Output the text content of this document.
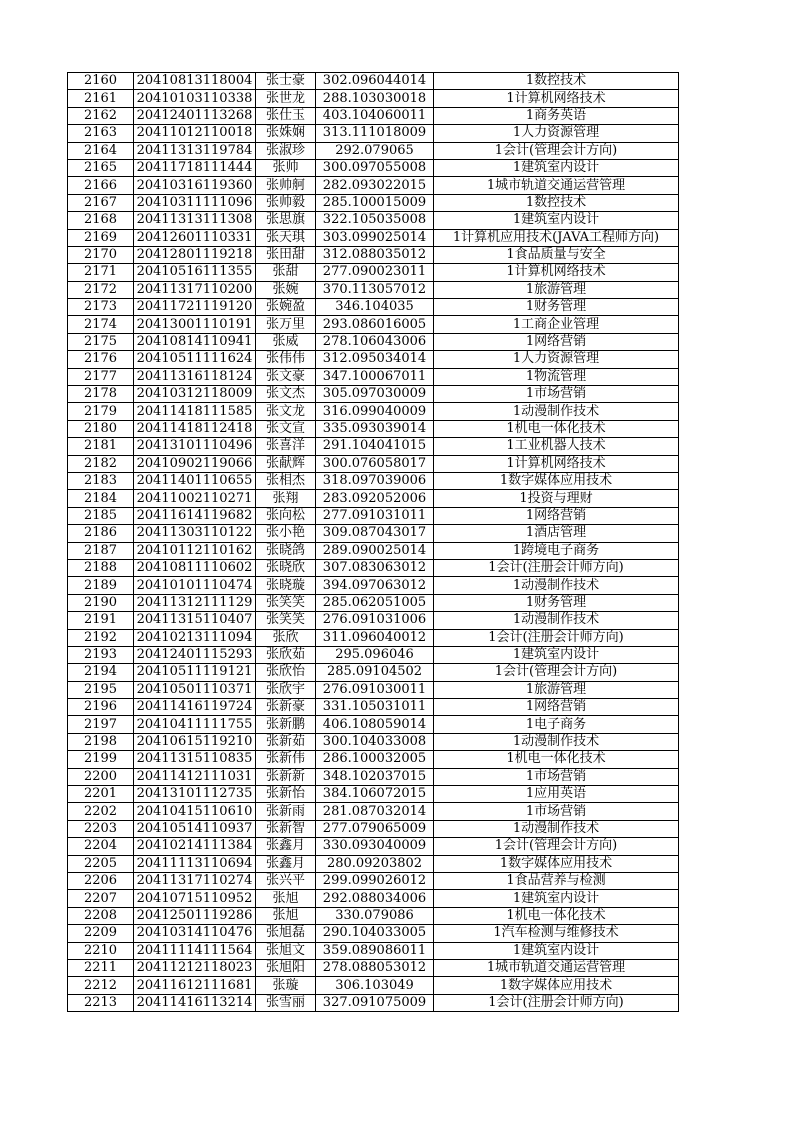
2160	20410813118004	张士豪	302.096044014	1数控技术
2161	20410103110338	张世龙	288.103030018	1计算机网络技术
2162	20412401113268	张仕玉	403.104060011	1商务英语
2163	20411012110018	张姝娴	313.111018009	1人力资源管理
2164	20411313119784	张淑珍	292.079065	1会计(管理会计方向)
2165	20411718111444	张帅	300.097055008	1建筑室内设计
2166	20410316119360	张帅舸	282.093022015	1城市轨道交通运营管理
2167	20410311111096	张帅毅	285.100015009	1数控技术
2168	20411313111308	张思旗	322.105035008	1建筑室内设计
2169	20412601110331	张天琪	303.099025014	1计算机应用技术(JAVA工程师方向)
2170	20412801119218	张田甜	312.088035012	1食品质量与安全
2171	20410516111355	张甜	277.090023011	1计算机网络技术
2172	20411317110200	张婉	370.113057012	1旅游管理
2173	20411721119120	张婉盈	346.104035	1财务管理
2174	20413001110191	张万里	293.086016005	1工商企业管理
2175	20410814110941	张威	278.106043006	1网络营销
2176	20410511111624	张伟伟	312.095034014	1人力资源管理
2177	20411316118124	张文豪	347.100067011	1物流管理
2178	20410312118009	张文杰	305.097030009	1市场营销
2179	20411418111585	张文龙	316.099040009	1动漫制作技术
2180	20411418112418	张文宣	335.093039014	1机电一体化技术
2181	20413101110496	张喜洋	291.104041015	1工业机器人技术
2182	20410902119066	张献辉	300.076058017	1计算机网络技术
2183	20411401110655	张相杰	318.097039006	1数字媒体应用技术
2184	20411002110271	张翔	283.092052006	1投资与理财
2185	20411614119682	张向松	277.091031011	1网络营销
2186	20411303110122	张小艳	309.087043017	1酒店管理
2187	20410112110162	张晓鸽	289.090025014	1跨境电子商务
2188	20410811110602	张晓欣	307.083063012	1会计(注册会计师方向)
2189	20410101110474	张晓璇	394.097063012	1动漫制作技术
2190	20411312111129	张笑笑	285.062051005	1财务管理
2191	20411315110407	张笑笑	276.091031006	1动漫制作技术
2192	20410213111094	张欣	311.096040012	1会计(注册会计师方向)
2193	20412401115293	张欣茹	295.096046	1建筑室内设计
2194	20410511119121	张欣怡	285.09104502	1会计(管理会计方向)
2195	20410501110371	张欣宇	276.091030011	1旅游管理
2196	20411416119724	张新豪	331.105031011	1网络营销
2197	20410411111755	张新鹏	406.108059014	1电子商务
2198	20410615119210	张新茹	300.104033008	1动漫制作技术
2199	20411315110835	张新伟	286.100032005	1机电一体化技术
2200	20411412111031	张新新	348.102037015	1市场营销
2201	20413101112735	张新怡	384.106072015	1应用英语
2202	20410415110610	张新雨	281.087032014	1市场营销
2203	20410514110937	张新智	277.079065009	1动漫制作技术
2204	20410214111384	张鑫月	330.093040009	1会计(管理会计方向)
2205	20411113110694	张鑫月	280.09203802	1数字媒体应用技术
2206	20411317110274	张兴平	299.099026012	1食品营养与检测
2207	20410715110952	张旭	292.088034006	1建筑室内设计
2208	20412501119286	张旭	330.079086	1机电一体化技术
2209	20410314110476	张旭磊	290.104033005	1汽车检测与维修技术
2210	20411114111564	张旭文	359.089086011	1建筑室内设计
2211	20411212118023	张旭阳	278.088053012	1城市轨道交通运营管理
2212	20411612111681	张璇	306.103049	1数字媒体应用技术
2213	20411416113214	张雪丽	327.091075009	1会计(注册会计师方向)
